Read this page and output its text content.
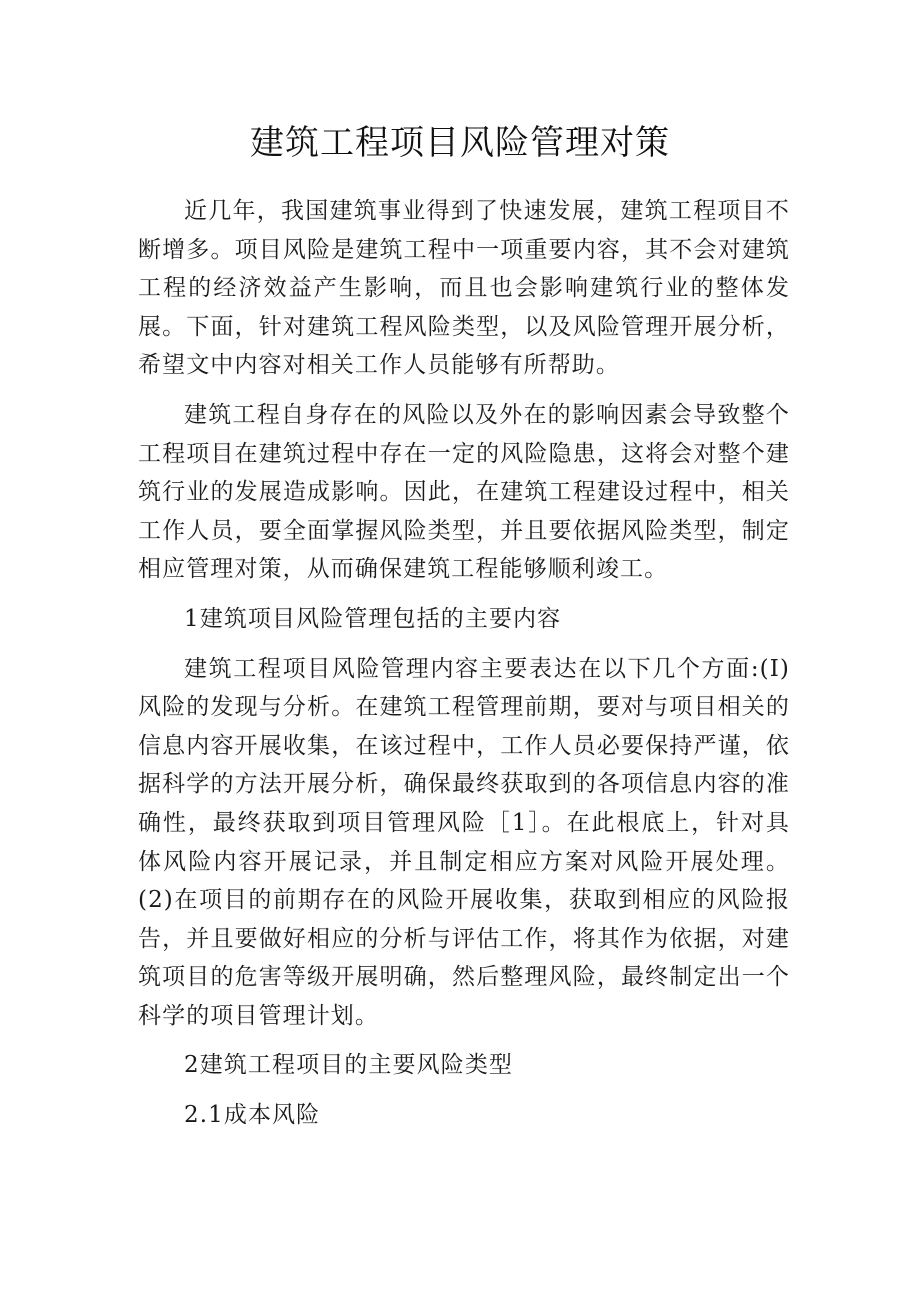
建筑工程项目风险管理对策

近几年，我国建筑事业得到了快速发展，建筑工程项目不断增多。项目风险是建筑工程中一项重要内容，其不会对建筑工程的经济效益产生影响，而且也会影响建筑行业的整体发展。下面，针对建筑工程风险类型，以及风险管理开展分析，希望文中内容对相关工作人员能够有所帮助。

建筑工程自身存在的风险以及外在的影响因素会导致整个工程项目在建筑过程中存在一定的风险隐患，这将会对整个建筑行业的发展造成影响。因此，在建筑工程建设过程中，相关工作人员，要全面掌握风险类型，并且要依据风险类型，制定相应管理对策，从而确保建筑工程能够顺利竣工。

1建筑项目风险管理包括的主要内容

建筑工程项目风险管理内容主要表达在以下几个方面:(I)风险的发现与分析。在建筑工程管理前期，要对与项目相关的信息内容开展收集，在该过程中，工作人员必要保持严谨，依据科学的方法开展分析，确保最终获取到的各项信息内容的准确性，最终获取到项目管理风险［1］。在此根底上，针对具体风险内容开展记录，并且制定相应方案对风险开展处理。(2)在项目的前期存在的风险开展收集，获取到相应的风险报告，并且要做好相应的分析与评估工作，将其作为依据，对建筑项目的危害等级开展明确，然后整理风险，最终制定出一个科学的项目管理计划。

2建筑工程项目的主要风险类型

2.1成本风险
